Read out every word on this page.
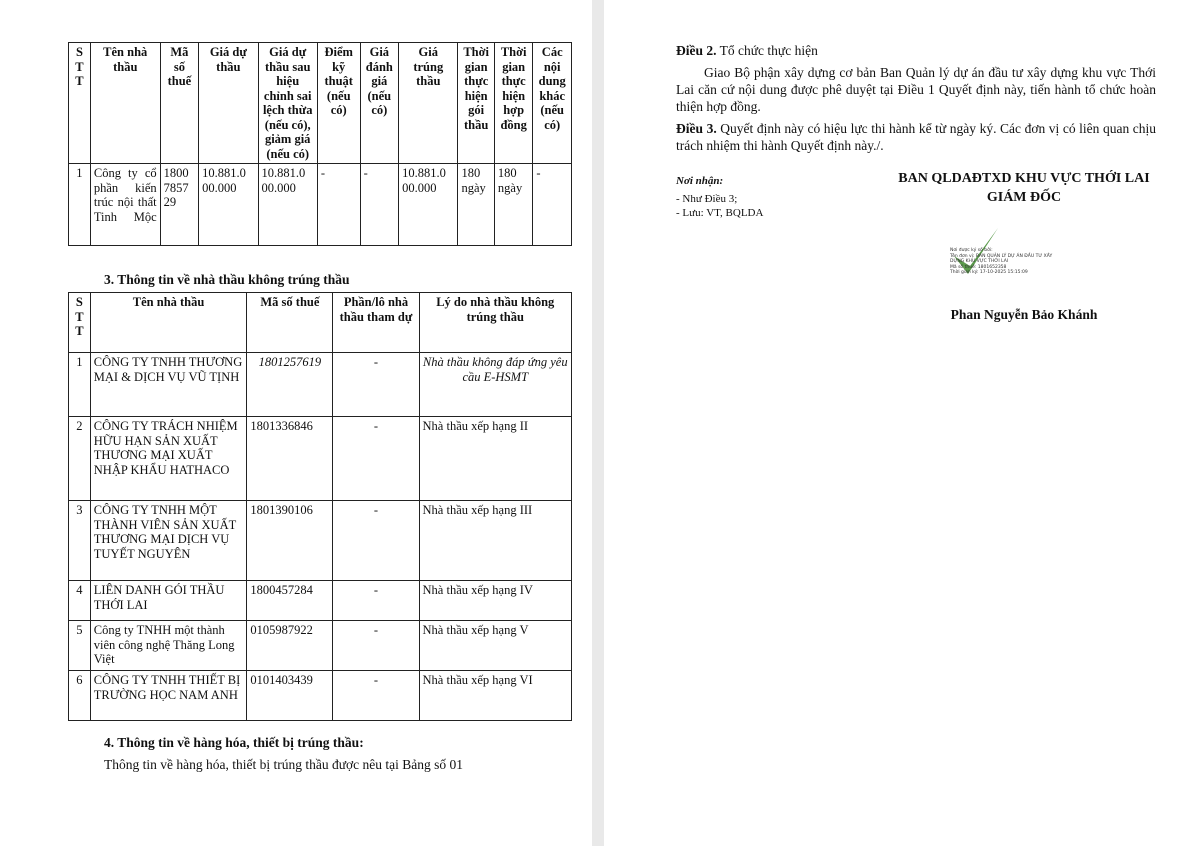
S T T	Tên nhà thầu	Mã số thuế	Giá dự thầu	Giá dự thầu sau hiệu chỉnh sai lệch thừa (nếu có), giảm giá (nếu có)	Điểm kỹ thuật (nếu có)	Giá đánh giá (nếu có)	Giá trúng thầu	Thời gian thực hiện gói thầu	Thời gian thực hiện hợp đồng	Các nội dung khác (nếu có)
1	Công ty cổ phần kiến trúc nội thất Tinh Mộc	1800 7857 29	10.881.0 00.000	10.881.0 00.000	-	-	10.881.0 00.000	180 ngày	180 ngày	-
3. Thông tin về nhà thầu không trúng thầu
S T T	Tên nhà thầu	Mã số thuế	Phần/lô nhà thầu tham dự	Lý do nhà thầu không trúng thầu
1	CÔNG TY TNHH THƯƠNG MẠI & DỊCH VỤ VŨ TỊNH	1801257619	-	Nhà thầu không đáp ứng yêu cầu E-HSMT
2	CÔNG TY TRÁCH NHIỆM HỮU HẠN SẢN XUẤT THƯƠNG MẠI XUẤT NHẬP KHẨU HATHACO	1801336846	-	Nhà thầu xếp hạng II
3	CÔNG TY TNHH MỘT THÀNH VIÊN SẢN XUẤT THƯƠNG MẠI DỊCH VỤ TUYẾT NGUYÊN	1801390106	-	Nhà thầu xếp hạng III
4	LIÊN DANH GÓI THẦU THỚI LAI	1800457284	-	Nhà thầu xếp hạng IV
5	Công ty TNHH một thành viên công nghệ Thăng Long Việt	0105987922	-	Nhà thầu xếp hạng V
6	CÔNG TY TNHH THIẾT BỊ TRƯỜNG HỌC NAM ANH	0101403439	-	Nhà thầu xếp hạng VI
4. Thông tin về hàng hóa, thiết bị trúng thầu:
Thông tin về hàng hóa, thiết bị trúng thầu được nêu tại Bảng số 01
Điều 2. Tổ chức thực hiện
Giao Bộ phận xây dựng cơ bản Ban Quản lý dự án đầu tư xây dựng khu vực Thới Lai căn cứ nội dung được phê duyệt tại Điều 1 Quyết định này, tiến hành tổ chức hoàn thiện hợp đồng.
Điều 3. Quyết định này có hiệu lực thi hành kể từ ngày ký. Các đơn vị có liên quan chịu trách nhiệm thi hành Quyết định này./.
Nơi nhận:
- Như Điều 3;
- Lưu: VT, BQLDA
BAN QLDAĐTXD KHU VỰC THỚI LAI
GIÁM ĐỐC
Phan Nguyễn Bảo Khánh
Nơi được ký số bởi:
Tên đơn vị: BAN QUẢN LÝ DỰ ÁN ĐẦU TƯ XÂY
DỰNG KHU VỰC THỚI LAI
Mã số thuế: 1801652358
Thời gian ký: 17-10-2025 15:15:09
